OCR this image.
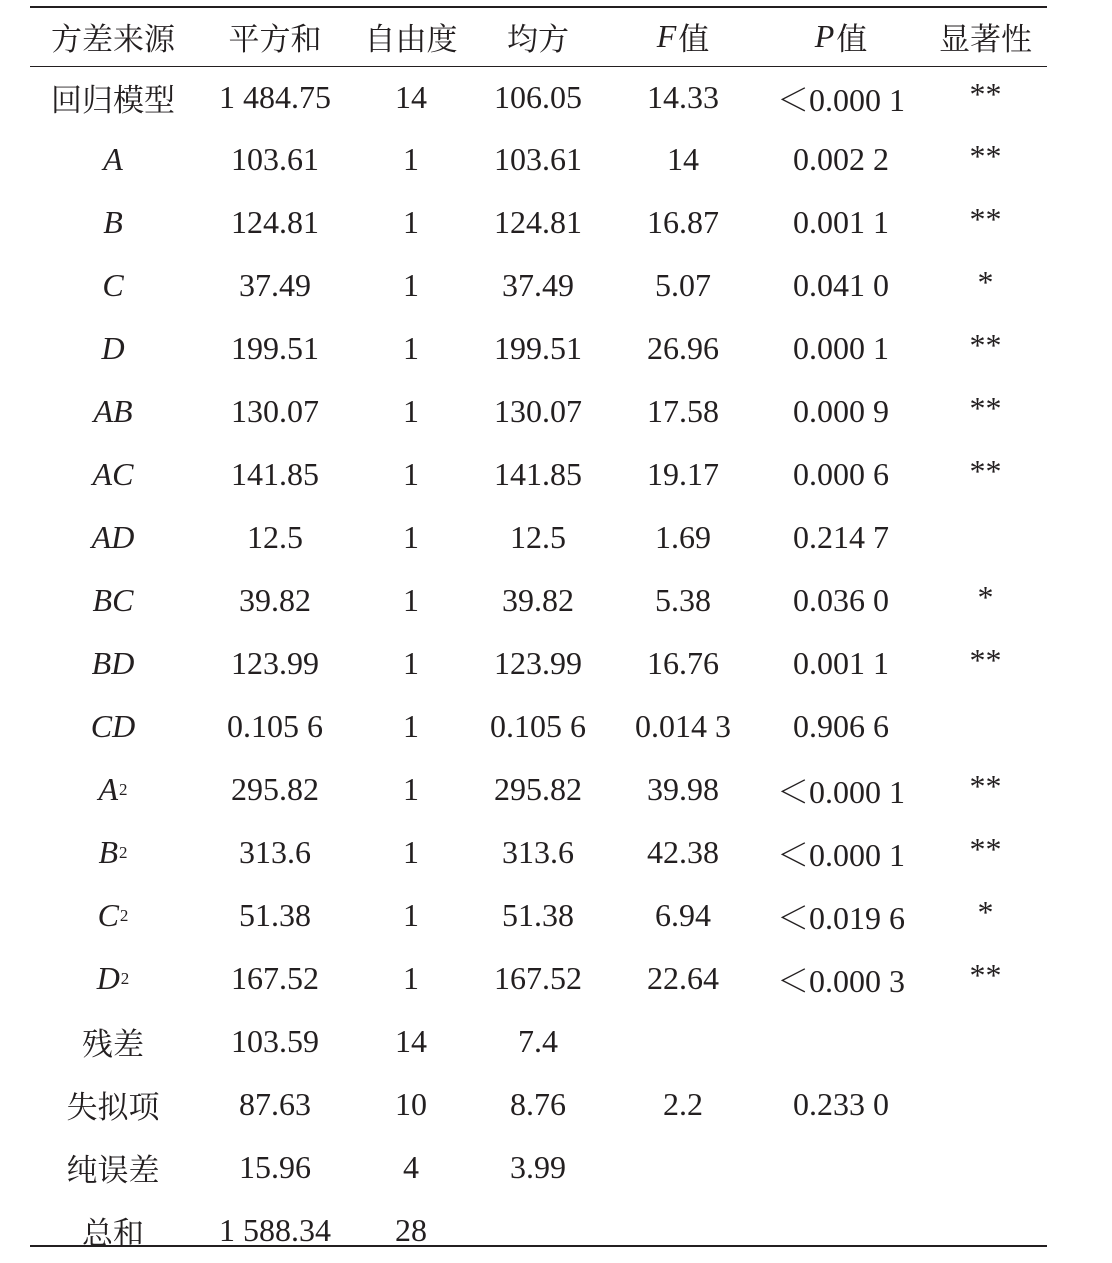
方差来源	平方和	自由度	均方	F 值	P 值	显著性
回归模型	1 484.75	14	106.05	14.33	＜0.000 1	**
A	103.61	1	103.61	14	0.002 2	**
B	124.81	1	124.81	16.87	0.001 1	**
C	37.49	1	37.49	5.07	0.041 0	*
D	199.51	1	199.51	26.96	0.000 1	**
AB	130.07	1	130.07	17.58	0.000 9	**
AC	141.85	1	141.85	19.17	0.000 6	**
AD	12.5	1	12.5	1.69	0.214 7
BC	39.82	1	39.82	5.38	0.036 0	*
BD	123.99	1	123.99	16.76	0.001 1	**
CD	0.105 6	1	0.105 6	0.014 3	0.906 6
A 2	295.82	1	295.82	39.98	＜0.000 1	**
B 2	313.6	1	313.6	42.38	＜0.000 1	**
C 2	51.38	1	51.38	6.94	＜0.019 6	*
D 2	167.52	1	167.52	22.64	＜0.000 3	**
残差	103.59	14	7.4
失拟项	87.63	10	8.76	2.2	0.233 0
纯误差	15.96	4	3.99
总和	1 588.34	28
